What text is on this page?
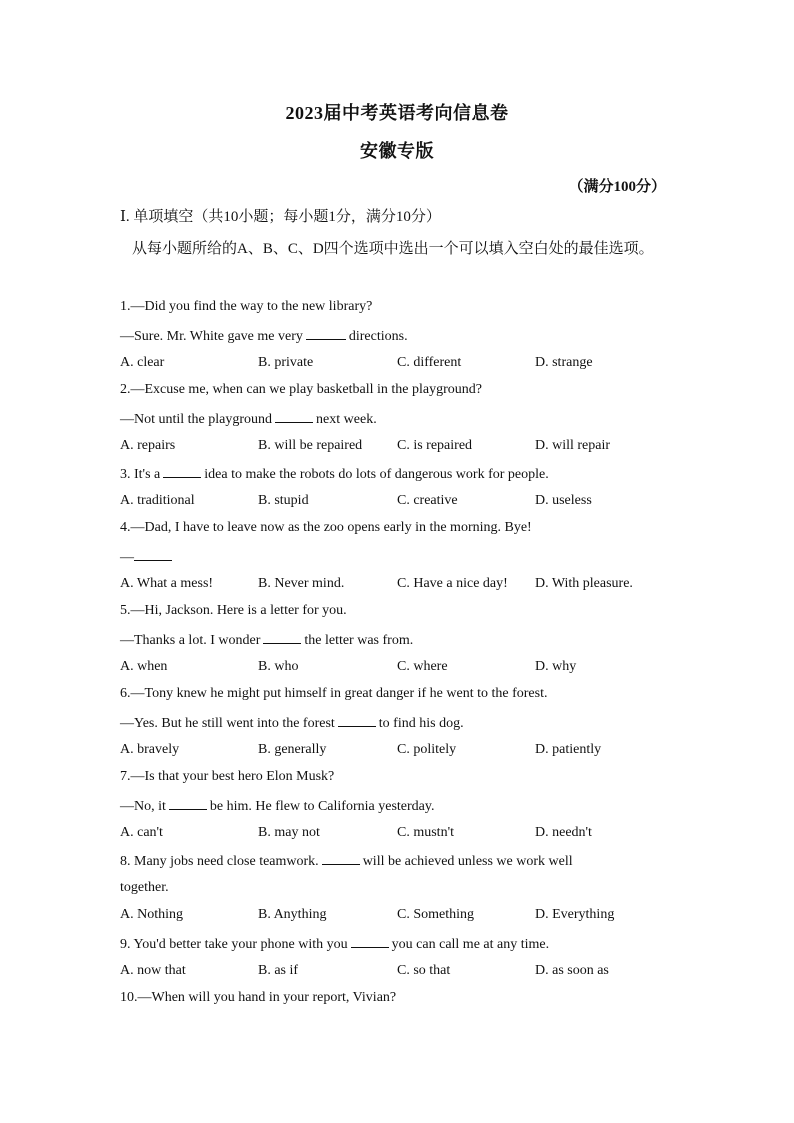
2023届中考英语考向信息卷
安徽专版
（满分100分）
Ⅰ. 单项填空（共10小题；每小题1分，满分10分）
从每小题所给的A、B、C、D四个选项中选出一个可以填入空白处的最佳选项。
1.—Did you find the way to the new library?
—Sure. Mr. White gave me very	directions.
A. clear	B. private	C. different	D. strange
2.—Excuse me, when can we play basketball in the playground?
—Not until the playground	next week.
A. repairs	B. will be repaired C. is repaired	D. will repair
3. It's a	idea to make the robots do lots of dangerous work for people.
A. traditional	B. stupid	C. creative	D. useless
4.—Dad, I have to leave now as the zoo opens early in the morning. Bye!
—
A. What a mess!	B. Never mind.	C. Have a nice day! D. With pleasure.
5.—Hi, Jackson. Here is a letter for you.
—Thanks a lot. I wonder	the letter was from.
A. when	B. who	C. where	D. why
6.—Tony knew he might put himself in great danger if he went to the forest.
—Yes. But he still went into the forest	to find his dog.
A. bravely	B. generally	C. politely	D. patiently
7.—Is that your best hero Elon Musk?
—No, it	be him. He flew to California yesterday.
A. can't	B. may not	C. mustn't	D. needn't
8. Many jobs need close teamwork.	will be achieved unless we work well
together.
A. Nothing	B. Anything	C. Something	D. Everything
9. You'd better take your phone with you	you can call me at any time.
A. now that	B. as if	C. so that	D. as soon as
10.—When will you hand in your report, Vivian?
